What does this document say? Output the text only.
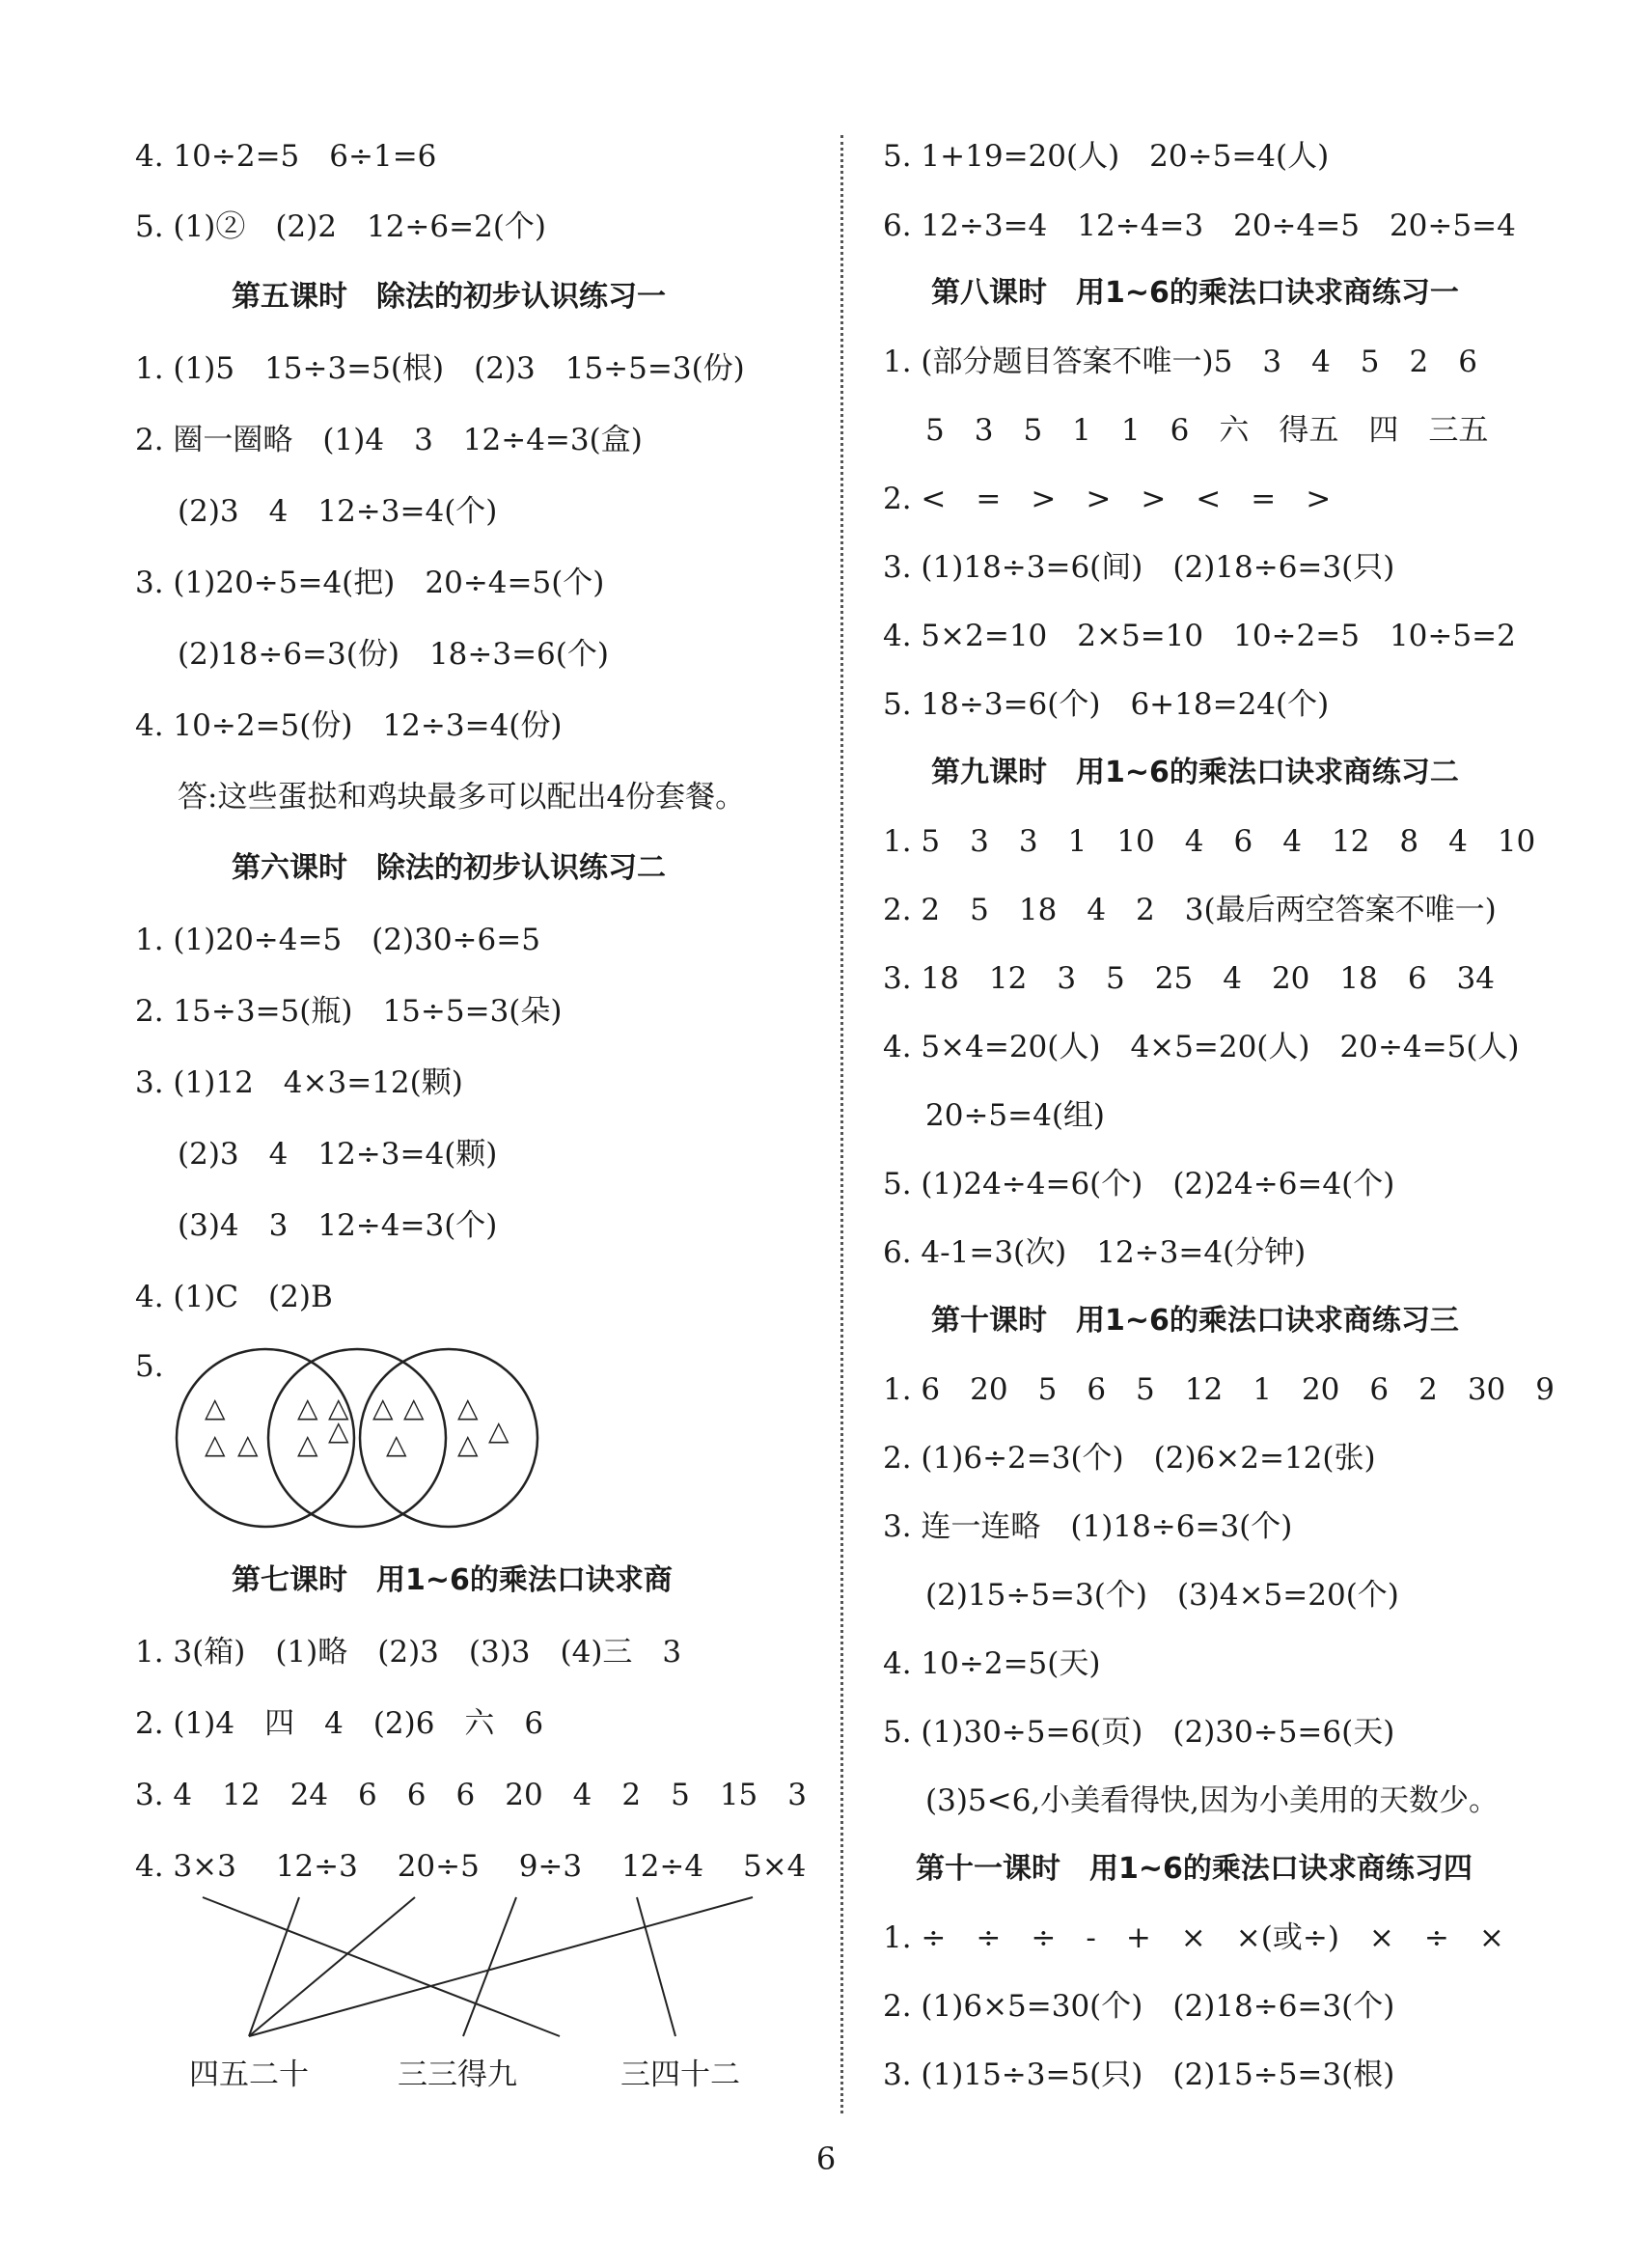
4. 10÷2=5　6÷1=6
5. (1)②　(2)2　12÷6=2(个)
第五课时　除法的初步认识练习一
1. (1)5　15÷3=5(根)　(2)3　15÷5=3(份)
2. 圈一圈略　(1)4　3　12÷4=3(盒)
(2)3　4　12÷3=4(个)
3. (1)20÷5=4(把)　20÷4=5(个)
(2)18÷6=3(份)　18÷3=6(个)
4. 10÷2=5(份)　12÷3=4(份)
答:这些蛋挞和鸡块最多可以配出4份套餐。
第六课时　除法的初步认识练习二
1. (1)20÷4=5　(2)30÷6=5
2. 15÷3=5(瓶)　15÷5=3(朵)
3. (1)12　4×3=12(颗)
(2)3　4　12÷3=4(颗)
(3)4　3　12÷4=3(个)
4. (1)C　(2)B
5.
第七课时　用1~6的乘法口诀求商
1. 3(箱)　(1)略　(2)3　(3)3　(4)三　3
2. (1)4　四　4　(2)6　六　6
3. 4　12　24　6　6　6　20　4　2　5　15　3
4. 3×3　 12÷3　 20÷5　 9÷3　 12÷4　 5×4
△
△ △
△ △
△ △
△ △
△
△
△ △
四五二十	三三得九	三四十二
5. 1+19=20(人)　20÷5=4(人)
6. 12÷3=4　12÷4=3　20÷4=5　20÷5=4
第八课时　用1~6的乘法口诀求商练习一
1. (部分题目答案不唯一)5　3　4　5　2　6
5　3　5　1　1　6　六　得五　四　三五
2. <　=　>　>　>　<　=　>
3. (1)18÷3=6(间)　(2)18÷6=3(只)
4. 5×2=10　2×5=10　10÷2=5　10÷5=2
5. 18÷3=6(个)　6+18=24(个)
第九课时　用1~6的乘法口诀求商练习二
1. 5　3　3　1　10　4　6　4　12　8　4　10
2. 2　5　18　4　2　3(最后两空答案不唯一)
3. 18　12　3　5　25　4　20　18　6　34
4. 5×4=20(人)　4×5=20(人)　20÷4=5(人)
20÷5=4(组)
5. (1)24÷4=6(个)　(2)24÷6=4(个)
6. 4-1=3(次)　12÷3=4(分钟)
第十课时　用1~6的乘法口诀求商练习三
1. 6　20　5　6　5　12　1　20　6　2　30　9
2. (1)6÷2=3(个)　(2)6×2=12(张)
3. 连一连略　(1)18÷6=3(个)
(2)15÷5=3(个)　(3)4×5=20(个)
4. 10÷2=5(天)
5. (1)30÷5=6(页)　(2)30÷5=6(天)
(3)5<6,小美看得快,因为小美用的天数少。
第十一课时　用1~6的乘法口诀求商练习四
1. ÷　÷　÷　-　+　×　×(或÷)　×　÷　×
2. (1)6×5=30(个)　(2)18÷6=3(个)
3. (1)15÷3=5(只)　(2)15÷5=3(根)
6
